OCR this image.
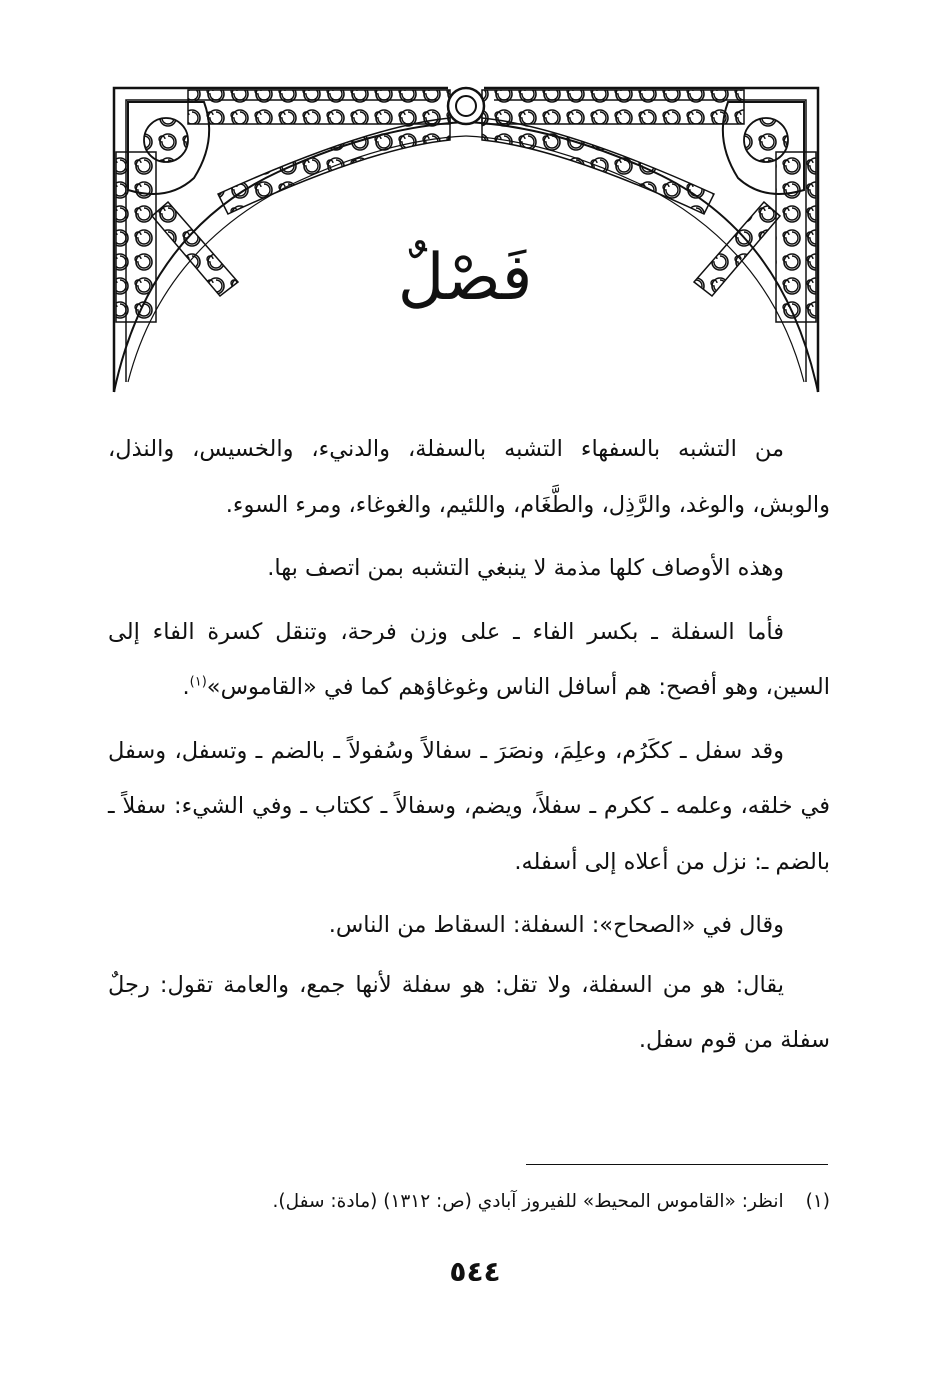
فَصْلٌ

من التشبه بالسفهاء التشبه بالسفلة، والدنيء، والخسيس، والنذل، والوبش، والوغد، والرَّذِل، والطَّغَام، واللئيم، والغوغاء، ومرء السوء.

وهذه الأوصاف كلها مذمة لا ينبغي التشبه بمن اتصف بها.

فأما السفلة ـ بكسر الفاء ـ على وزن فرحة، وتنقل كسرة الفاء إلى السين، وهو أفصح: هم أسافل الناس وغوغاؤهم كما في «القاموس»$^{(١)}$.

وقد سفل ـ ككَرُم، وعلِمَ، ونصَرَ ـ سفالاً وسُفولاً ـ بالضم ـ وتسفل، وسفل في خلقه، وعلمه ـ ككرم ـ سفلاً، ويضم، وسفالاً ـ ككتاب ـ وفي الشيء: سفلاً ـ بالضم ـ: نزل من أعلاه إلى أسفله.

وقال في «الصحاح»: السفلة: السقاط من الناس.

يقال: هو من السفلة، ولا تقل: هو سفلة لأنها جمع، والعامة تقول: رجلٌ سفلة من قوم سفل.

(١)انظر: «القاموس المحيط» للفيروز آبادي (ص: ١٣١٢) (مادة: سفل).
٥٤٤
